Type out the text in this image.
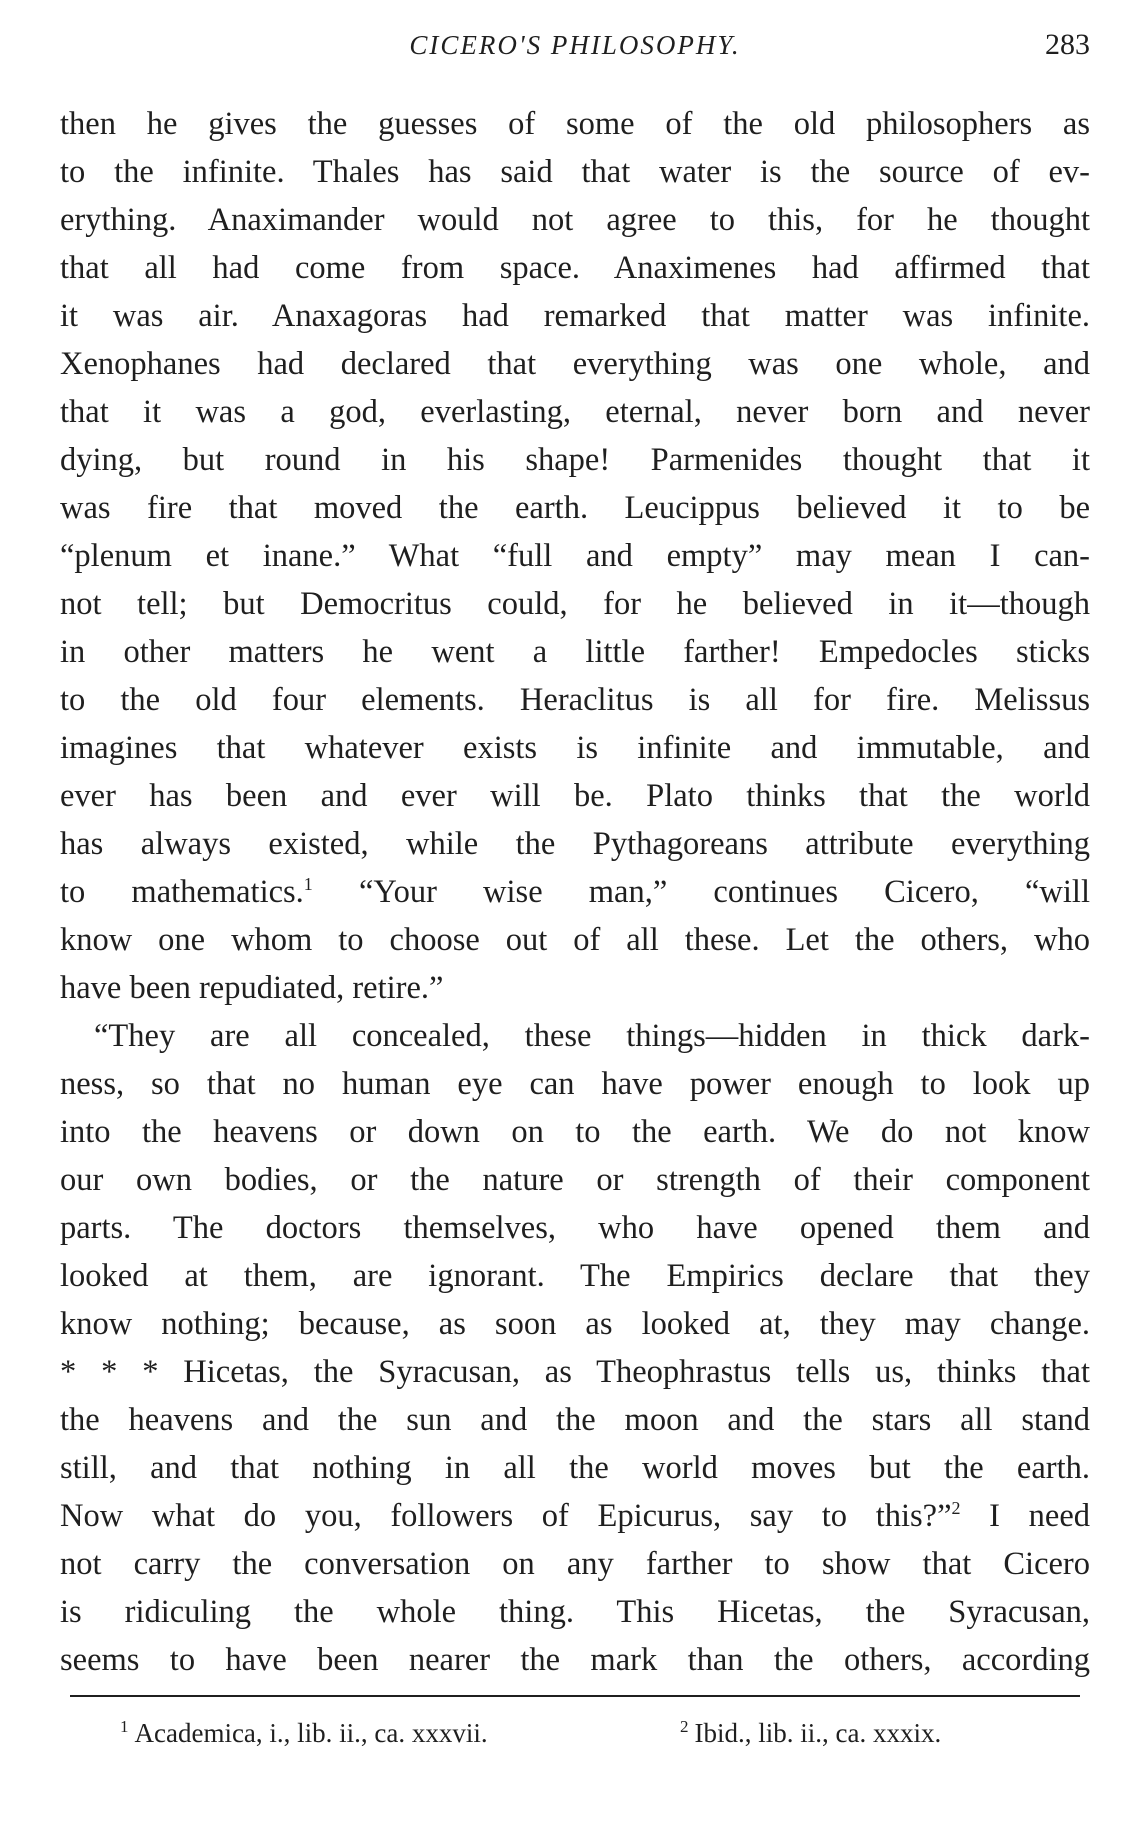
CICERO'S PHILOSOPHY.	283
then he gives the guesses of some of the old philosophers as
to the infinite. Thales has said that water is the source of ev-
erything. Anaximander would not agree to this, for he thought
that all had come from space. Anaximenes had affirmed that
it was air. Anaxagoras had remarked that matter was infinite.
Xenophanes had declared that everything was one whole, and
that it was a god, everlasting, eternal, never born and never
dying, but round in his shape! Parmenides thought that it
was fire that moved the earth. Leucippus believed it to be
“plenum et inane.” What “full and empty” may mean I can-
not tell; but Democritus could, for he believed in it—though
in other matters he went a little farther! Empedocles sticks
to the old four elements. Heraclitus is all for fire. Melissus
imagines that whatever exists is infinite and immutable, and
ever has been and ever will be. Plato thinks that the world
has always existed, while the Pythagoreans attribute everything
to mathematics.$^1$ “Your wise man,” continues Cicero, “will
know one whom to choose out of all these. Let the others, who
have been repudiated, retire.”
“They are all concealed, these things—hidden in thick dark-
ness, so that no human eye can have power enough to look up
into the heavens or down on to the earth. We do not know
our own bodies, or the nature or strength of their component
parts. The doctors themselves, who have opened them and
looked at them, are ignorant. The Empirics declare that they
know nothing; because, as soon as looked at, they may change.
* * * Hicetas, the Syracusan, as Theophrastus tells us, thinks that
the heavens and the sun and the moon and the stars all stand
still, and that nothing in all the world moves but the earth.
Now what do you, followers of Epicurus, say to this?”$^2$ I need
not carry the conversation on any farther to show that Cicero
is ridiculing the whole thing. This Hicetas, the Syracusan,
seems to have been nearer the mark than the others, according
$^1$ Academica, i., lib. ii., ca. xxxvii.	$^2$ Ibid., lib. ii., ca. xxxix.
